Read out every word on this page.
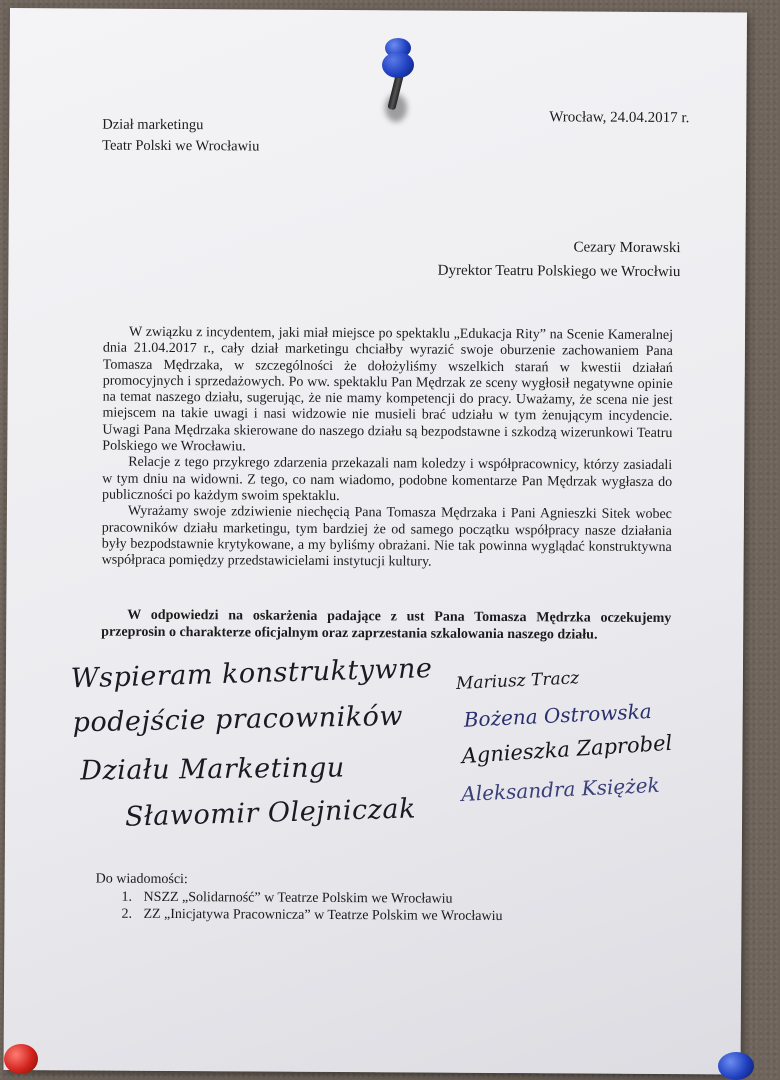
Dział marketingu
Teatr Polski we Wrocławiu
Wrocław, 24.04.2017 r.
Cezary Morawski
Dyrektor Teatru Polskiego we Wrocłwiu

W związku z incydentem, jaki miał miejsce po spektaklu „Edukacja Rity” na Scenie Kameralnej dnia 21.04.2017 r., cały dział marketingu chciałby wyrazić swoje oburzenie zachowaniem Pana Tomasza Mędrzaka, w szczególności że dołożyliśmy wszelkich starań w kwestii działań promocyjnych i sprzedażowych. Po ww. spektaklu Pan Mędrzak ze sceny wygłosił negatywne opinie na temat naszego działu, sugerując, że nie mamy kompetencji do pracy. Uważamy, że scena nie jest miejscem na takie uwagi i nasi widzowie nie musieli brać udziału w tym żenującym incydencie. Uwagi Pana Mędrzaka skierowane do naszego działu są bezpodstawne i szkodzą wizerunkowi Teatru Polskiego we Wrocławiu.

Relacje z tego przykrego zdarzenia przekazali nam koledzy i współpracownicy, którzy zasiadali w tym dniu na widowni. Z tego, co nam wiadomo, podobne komentarze Pan Mędrzak wygłasza do publiczności po każdym swoim spektaklu.

Wyrażamy swoje zdziwienie niechęcią Pana Tomasza Mędrzaka i Pani Agnieszki Sitek wobec pracowników działu marketingu, tym bardziej że od samego początku współpracy nasze działania były bezpodstawnie krytykowane, a my byliśmy obrażani. Nie tak powinna wyglądać konstruktywna współpraca pomiędzy przedstawicielami instytucji kultury.

W odpowiedzi na oskarżenia padające z ust Pana Tomasza Mędrzka oczekujemy przeprosin o charakterze oficjalnym oraz zaprzestania szkalowania naszego działu.

Wspieram konstruktywne
podejście pracowników
Działu Marketingu
Sławomir Olejniczak
Mariusz Tracz
Bożena Ostrowska
Agnieszka Zaprobel
Aleksandra Księżek
Do wiadomości:
1. NSZZ „Solidarność” w Teatrze Polskim we Wrocławiu
2. ZZ „Inicjatywa Pracownicza” w Teatrze Polskim we Wrocławiu
